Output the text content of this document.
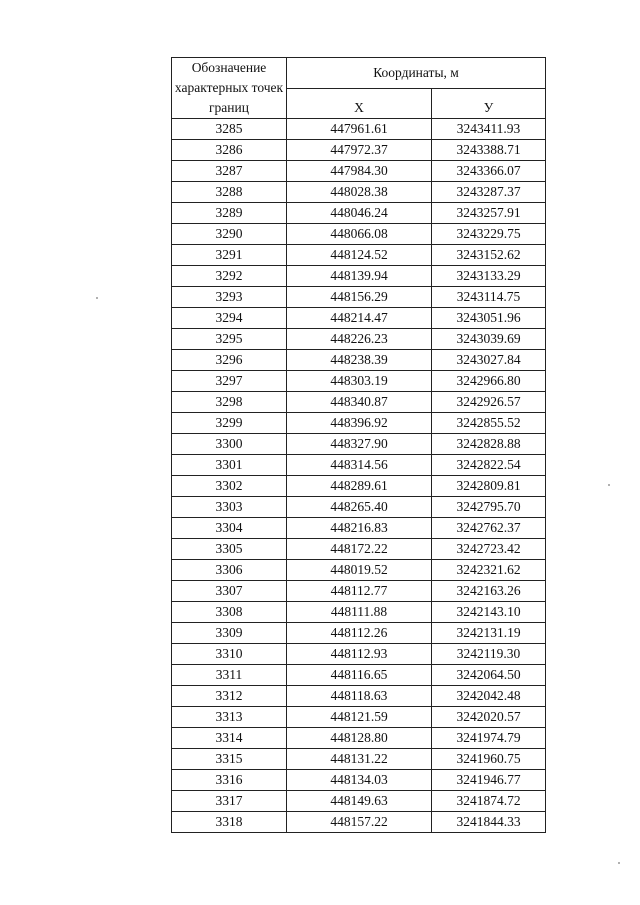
Обозначение характерных точек границ	Координаты, м	
	X	У
3285	447961.61	3243411.93
3286	447972.37	3243388.71
3287	447984.30	3243366.07
3288	448028.38	3243287.37
3289	448046.24	3243257.91
3290	448066.08	3243229.75
3291	448124.52	3243152.62
3292	448139.94	3243133.29
3293	448156.29	3243114.75
3294	448214.47	3243051.96
3295	448226.23	3243039.69
3296	448238.39	3243027.84
3297	448303.19	3242966.80
3298	448340.87	3242926.57
3299	448396.92	3242855.52
3300	448327.90	3242828.88
3301	448314.56	3242822.54
3302	448289.61	3242809.81
3303	448265.40	3242795.70
3304	448216.83	3242762.37
3305	448172.22	3242723.42
3306	448019.52	3242321.62
3307	448112.77	3242163.26
3308	448111.88	3242143.10
3309	448112.26	3242131.19
3310	448112.93	3242119.30
3311	448116.65	3242064.50
3312	448118.63	3242042.48
3313	448121.59	3242020.57
3314	448128.80	3241974.79
3315	448131.22	3241960.75
3316	448134.03	3241946.77
3317	448149.63	3241874.72
3318	448157.22	3241844.33
